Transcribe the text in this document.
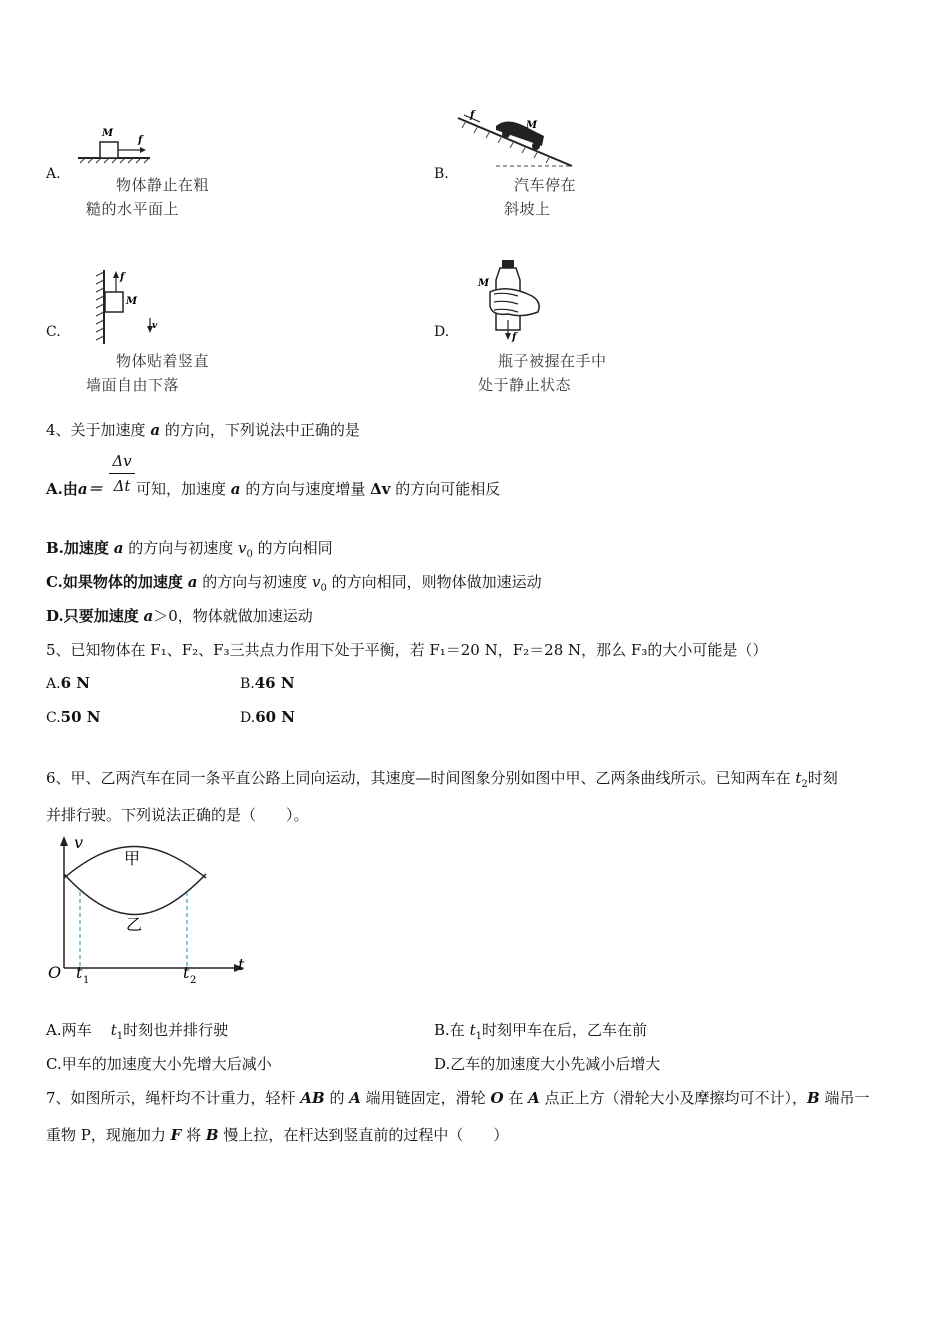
A.
M
f
物体静止在粗
糙的水平面上
B.
f
M
汽车停在
斜坡上
C.
f
M
v
物体贴着竖直
墙面自由下落
D.
M
f
瓶子被握在手中
处于静止状态
4、关于加速度 a 的方向，下列说法中正确的是
Δv
Δt
A.由a＝ 可知，加速度 a 的方向与速度增量 Δv 的方向可能相反
B.加速度 a 的方向与初速度 $v_0$ 的方向相同
C.如果物体的加速度 a 的方向与初速度 $v_0$ 的方向相同，则物体做加速运动
D.只要加速度 a＞0，物体就做加速运动
5、已知物体在 F₁、F₂、F₃三共点力作用下处于平衡，若 F₁＝20 N，F₂＝28 N，那么 F₃的大小可能是（）
A.6 N	B.46 N
C.50 N	D.60 N
6、甲、乙两汽车在同一条平直公路上同向运动，其速度—时间图象分别如图中甲、乙两条曲线所示。已知两车在 $t_2$时刻
并排行驶。下列说法正确的是（　　）。
v
t
O t 1	t 2
甲
乙
A.两车 $t_1$时刻也并排行驶	B.在 $t_1$时刻甲车在后，乙车在前
C.甲车的加速度大小先增大后减小	D.乙车的加速度大小先减小后增大
7、如图所示，绳杆均不计重力，轻杆 AB 的 A 端用链固定，滑轮 O 在 A 点正上方（滑轮大小及摩擦均可不计），B 端吊一
重物 P，现施加力 F 将 B 慢上拉，在杆达到竖直前的过程中（　　）
